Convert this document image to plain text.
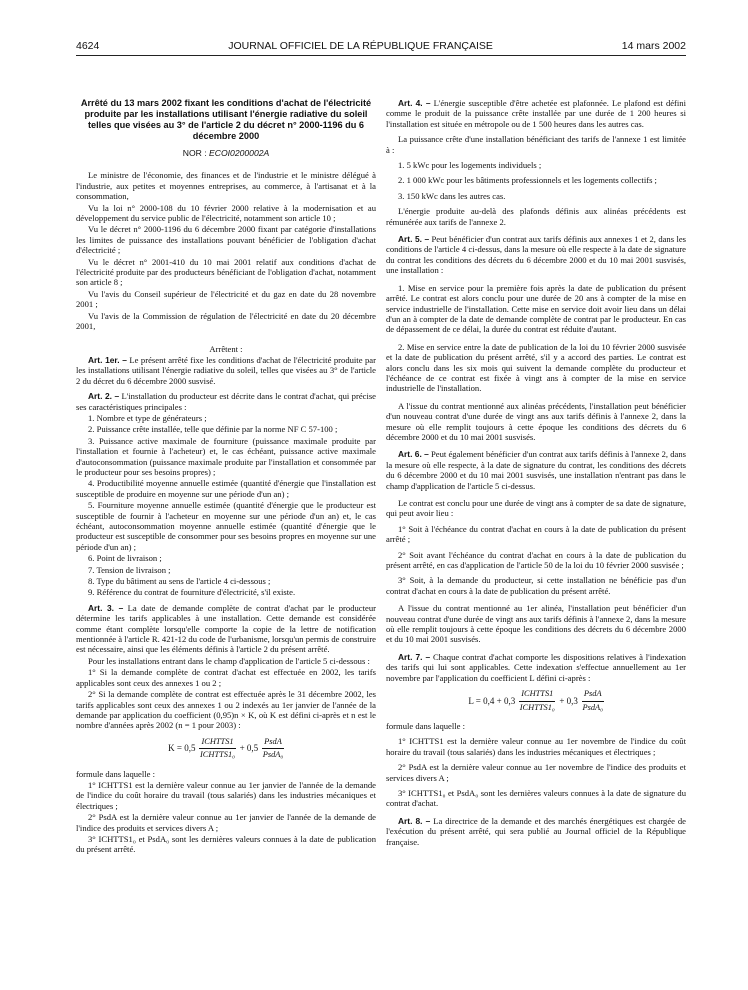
4624	JOURNAL OFFICIEL DE LA RÉPUBLIQUE FRANÇAISE	14 mars 2002
Arrêté du 13 mars 2002 fixant les conditions d'achat de l'électricité produite par les installations utilisant l'énergie radiative du soleil telles que visées au 3° de l'article 2 du décret n° 2000-1196 du 6 décembre 2000
NOR : ECOI0200002A

Le ministre de l'économie, des finances et de l'industrie et le ministre délégué à l'industrie, aux petites et moyennes entreprises, au commerce, à l'artisanat et à la consommation,

Vu la loi n° 2000-108 du 10 février 2000 relative à la modernisation et au développement du service public de l'électricité, notamment son article 10 ;

Vu le décret n° 2000-1196 du 6 décembre 2000 fixant par catégorie d'installations les limites de puissance des installations pouvant bénéficier de l'obligation d'achat d'électricité ;

Vu le décret n° 2001-410 du 10 mai 2001 relatif aux conditions d'achat de l'électricité produite par des producteurs bénéficiant de l'obligation d'achat, notamment son article 8 ;

Vu l'avis du Conseil supérieur de l'électricité et du gaz en date du 28 novembre 2001 ;

Vu l'avis de la Commission de régulation de l'électricité en date du 20 décembre 2001,

Arrêtent :

Art. 1er. – Le présent arrêté fixe les conditions d'achat de l'électricité produite par les installations utilisant l'énergie radiative du soleil, telles que visées au 3° de l'article 2 du décret du 6 décembre 2000 susvisé.

Art. 2. – L'installation du producteur est décrite dans le contrat d'achat, qui précise ses caractéristiques principales :

1. Nombre et type de générateurs ;

2. Puissance crête installée, telle que définie par la norme NF C 57-100 ;

3. Puissance active maximale de fourniture (puissance maximale produite par l'installation et fournie à l'acheteur) et, le cas échéant, puissance active maximale d'autoconsommation (puissance maximale produite par l'installation et consommée par le producteur pour ses besoins propres) ;

4. Productibilité moyenne annuelle estimée (quantité d'énergie que l'installation est susceptible de produire en moyenne sur une période d'un an) ;

5. Fourniture moyenne annuelle estimée (quantité d'énergie que le producteur est susceptible de fournir à l'acheteur en moyenne sur une période d'un an) et, le cas échéant, autoconsommation moyenne annuelle estimée (quantité d'énergie que le producteur est susceptible de consommer pour ses besoins propres en moyenne sur une période d'un an) ;

6. Point de livraison ;

7. Tension de livraison ;

8. Type du bâtiment au sens de l'article 4 ci-dessous ;

9. Référence du contrat de fourniture d'électricité, s'il existe.

Art. 3. – La date de demande complète de contrat d'achat par le producteur détermine les tarifs applicables à une installation. Cette demande est considérée comme étant complète lorsqu'elle comporte la copie de la lettre de notification mentionnée à l'article R. 421-12 du code de l'urbanisme, lorsqu'un permis de construire est nécessaire, ainsi que les éléments définis à l'article 2 du présent arrêté.

Pour les installations entrant dans le champ d'application de l'article 5 ci-dessous :

1° Si la demande complète de contrat d'achat est effectuée en 2002, les tarifs applicables sont ceux des annexes 1 ou 2 ;

2° Si la demande complète de contrat est effectuée après le 31 décembre 2002, les tarifs applicables sont ceux des annexes 1 ou 2 indexés au 1er janvier de l'année de la demande par application du coefficient (0,95)n × K, où K est défini ci-après et n est le nombre d'années après 2002 (n = 1 pour 2003) :

$K = 0,5 \frac{\text{ICHTTS1}}{\text{ICHTTS1₀}} + 0,5 \frac{\text{PsdA}}{\text{PsdA₀}}$

formule dans laquelle :

1° ICHTTS1 est la dernière valeur connue au 1er janvier de l'année de la demande de l'indice du coût horaire du travail (tous salariés) dans les industries mécaniques et électriques ;

2° PsdA est la dernière valeur connue au 1er janvier de l'année de la demande de l'indice des produits et services divers A ;

3° ICHTTS1₀ et PsdA₀ sont les dernières valeurs connues à la date de publication du présent arrêté.

Art. 4. – L'énergie susceptible d'être achetée est plafonnée. Le plafond est défini comme le produit de la puissance crête installée par une durée de 1 200 heures si l'installation est située en métropole ou de 1 500 heures dans les autres cas.

La puissance crête d'une installation bénéficiant des tarifs de l'annexe 1 est limitée à :

1. 5 kWc pour les logements individuels ;

2. 1 000 kWc pour les bâtiments professionnels et les logements collectifs ;

3. 150 kWc dans les autres cas.

L'énergie produite au-delà des plafonds définis aux alinéas précédents est rémunérée aux tarifs de l'annexe 2.

Art. 5. – Peut bénéficier d'un contrat aux tarifs définis aux annexes 1 et 2, dans les conditions de l'article 4 ci-dessus, dans la mesure où elle respecte à la date de signature du contrat les conditions des décrets du 6 décembre 2000 et du 10 mai 2001 susvisés, une installation :

1. Mise en service pour la première fois après la date de publication du présent arrêté. Le contrat est alors conclu pour une durée de 20 ans à compter de la mise en service industrielle de l'installation. Cette mise en service doit avoir lieu dans un délai d'un an à compter de la date de demande complète de contrat par le producteur. En cas de dépassement de ce délai, la durée du contrat est réduite d'autant.

2. Mise en service entre la date de publication de la loi du 10 février 2000 susvisée et la date de publication du présent arrêté, s'il y a accord des parties. Le contrat est alors conclu dans les six mois qui suivent la demande complète du producteur et l'échéance de ce contrat est fixée à vingt ans à compter de la mise en service industrielle de l'installation.

A l'issue du contrat mentionné aux alinéas précédents, l'installation peut bénéficier d'un nouveau contrat d'une durée de vingt ans aux tarifs définis à l'annexe 2, dans la mesure où elle remplit toujours à cette époque les conditions des décrets du 6 décembre 2000 et du 10 mai 2001 susvisés.

Art. 6. – Peut également bénéficier d'un contrat aux tarifs définis à l'annexe 2, dans la mesure où elle respecte, à la date de signature du contrat, les conditions des décrets du 6 décembre 2000 et du 10 mai 2001 susvisés, une installation n'entrant pas dans le champ d'application de l'article 5 ci-dessus.

Le contrat est conclu pour une durée de vingt ans à compter de sa date de signature, qui peut avoir lieu :

1° Soit à l'échéance du contrat d'achat en cours à la date de publication du présent arrêté ;

2° Soit avant l'échéance du contrat d'achat en cours à la date de publication du présent arrêté, en cas d'application de l'article 50 de la loi du 10 février 2000 susvisée ;

3° Soit, à la demande du producteur, si cette installation ne bénéficie pas d'un contrat d'achat en cours à la date de publication du présent arrêté.

A l'issue du contrat mentionné au 1er alinéa, l'installation peut bénéficier d'un nouveau contrat d'une durée de vingt ans aux tarifs définis à l'annexe 2, dans la mesure où elle remplit toujours à cette époque les conditions des décrets du 6 décembre 2000 et du 10 mai 2001 susvisés.

Art. 7. – Chaque contrat d'achat comporte les dispositions relatives à l'indexation des tarifs qui lui sont applicables. Cette indexation s'effectue annuellement au 1er novembre par l'application du coefficient L défini ci-après :

$L = 0,4 + 0,3 \frac{\text{ICHTTS1}}{\text{ICHTTS1₀}} + 0,3 \frac{\text{PsdA}}{\text{PsdA₀}}$

formule dans laquelle :

1° ICHTTS1 est la dernière valeur connue au 1er novembre de l'indice du coût horaire du travail (tous salariés) dans les industries mécaniques et électriques ;

2° PsdA est la dernière valeur connue au 1er novembre de l'indice des produits et services divers A ;

3° ICHTTS1₀ et PsdA₀ sont les dernières valeurs connues à la date de signature du contrat d'achat.

Art. 8. – La directrice de la demande et des marchés énergétiques est chargée de l'exécution du présent arrêté, qui sera publié au Journal officiel de la République française.
